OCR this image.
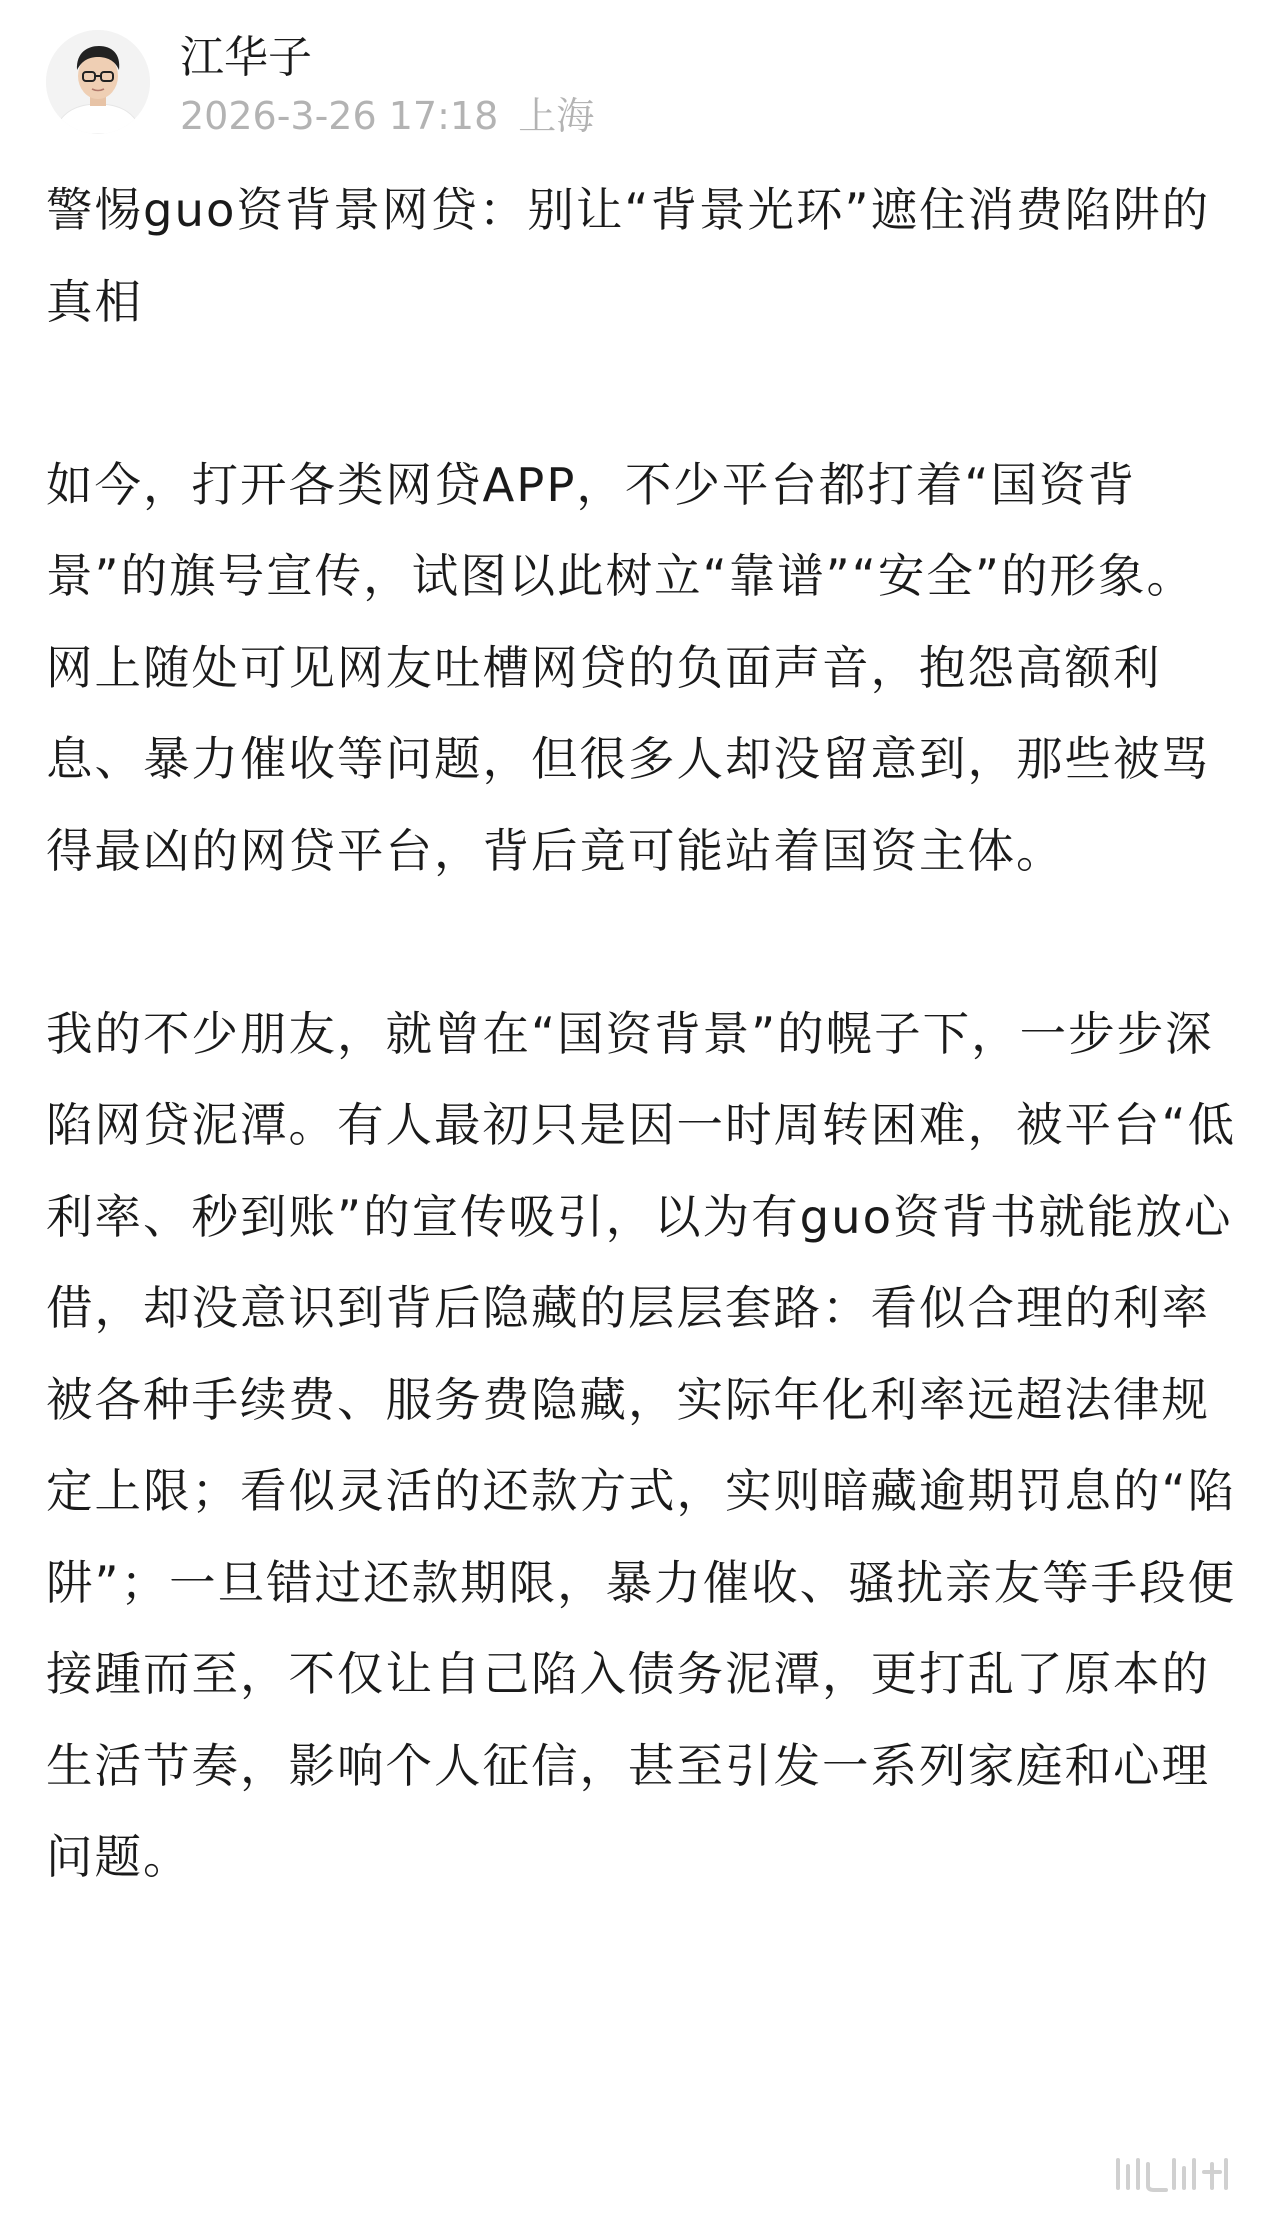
江华子
2026-3-26 17:18 上海

警惕guo资背景网贷：别让“背景光环”遮住消费陷阱的真相

如今，打开各类网贷APP，不少平台都打着“国资背景”的旗号宣传，试图以此树立“靠谱”“安全”的形象。网上随处可见网友吐槽网贷的负面声音，抱怨高额利息、暴力催收等问题，但很多人却没留意到，那些被骂得最凶的网贷平台，背后竟可能站着国资主体。

我的不少朋友，就曾在“国资背景”的幌子下，一步步深陷网贷泥潭。有人最初只是因一时周转困难，被平台“低利率、秒到账”的宣传吸引，以为有guo资背书就能放心借，却没意识到背后隐藏的层层套路：看似合理的利率被各种手续费、服务费隐藏，实际年化利率远超法律规定上限；看似灵活的还款方式，实则暗藏逾期罚息的“陷阱”；一旦错过还款期限，暴力催收、骚扰亲友等手段便接踵而至，不仅让自己陷入债务泥潭，更打乱了原本的生活节奏，影响个人征信，甚至引发一系列家庭和心理问题。
